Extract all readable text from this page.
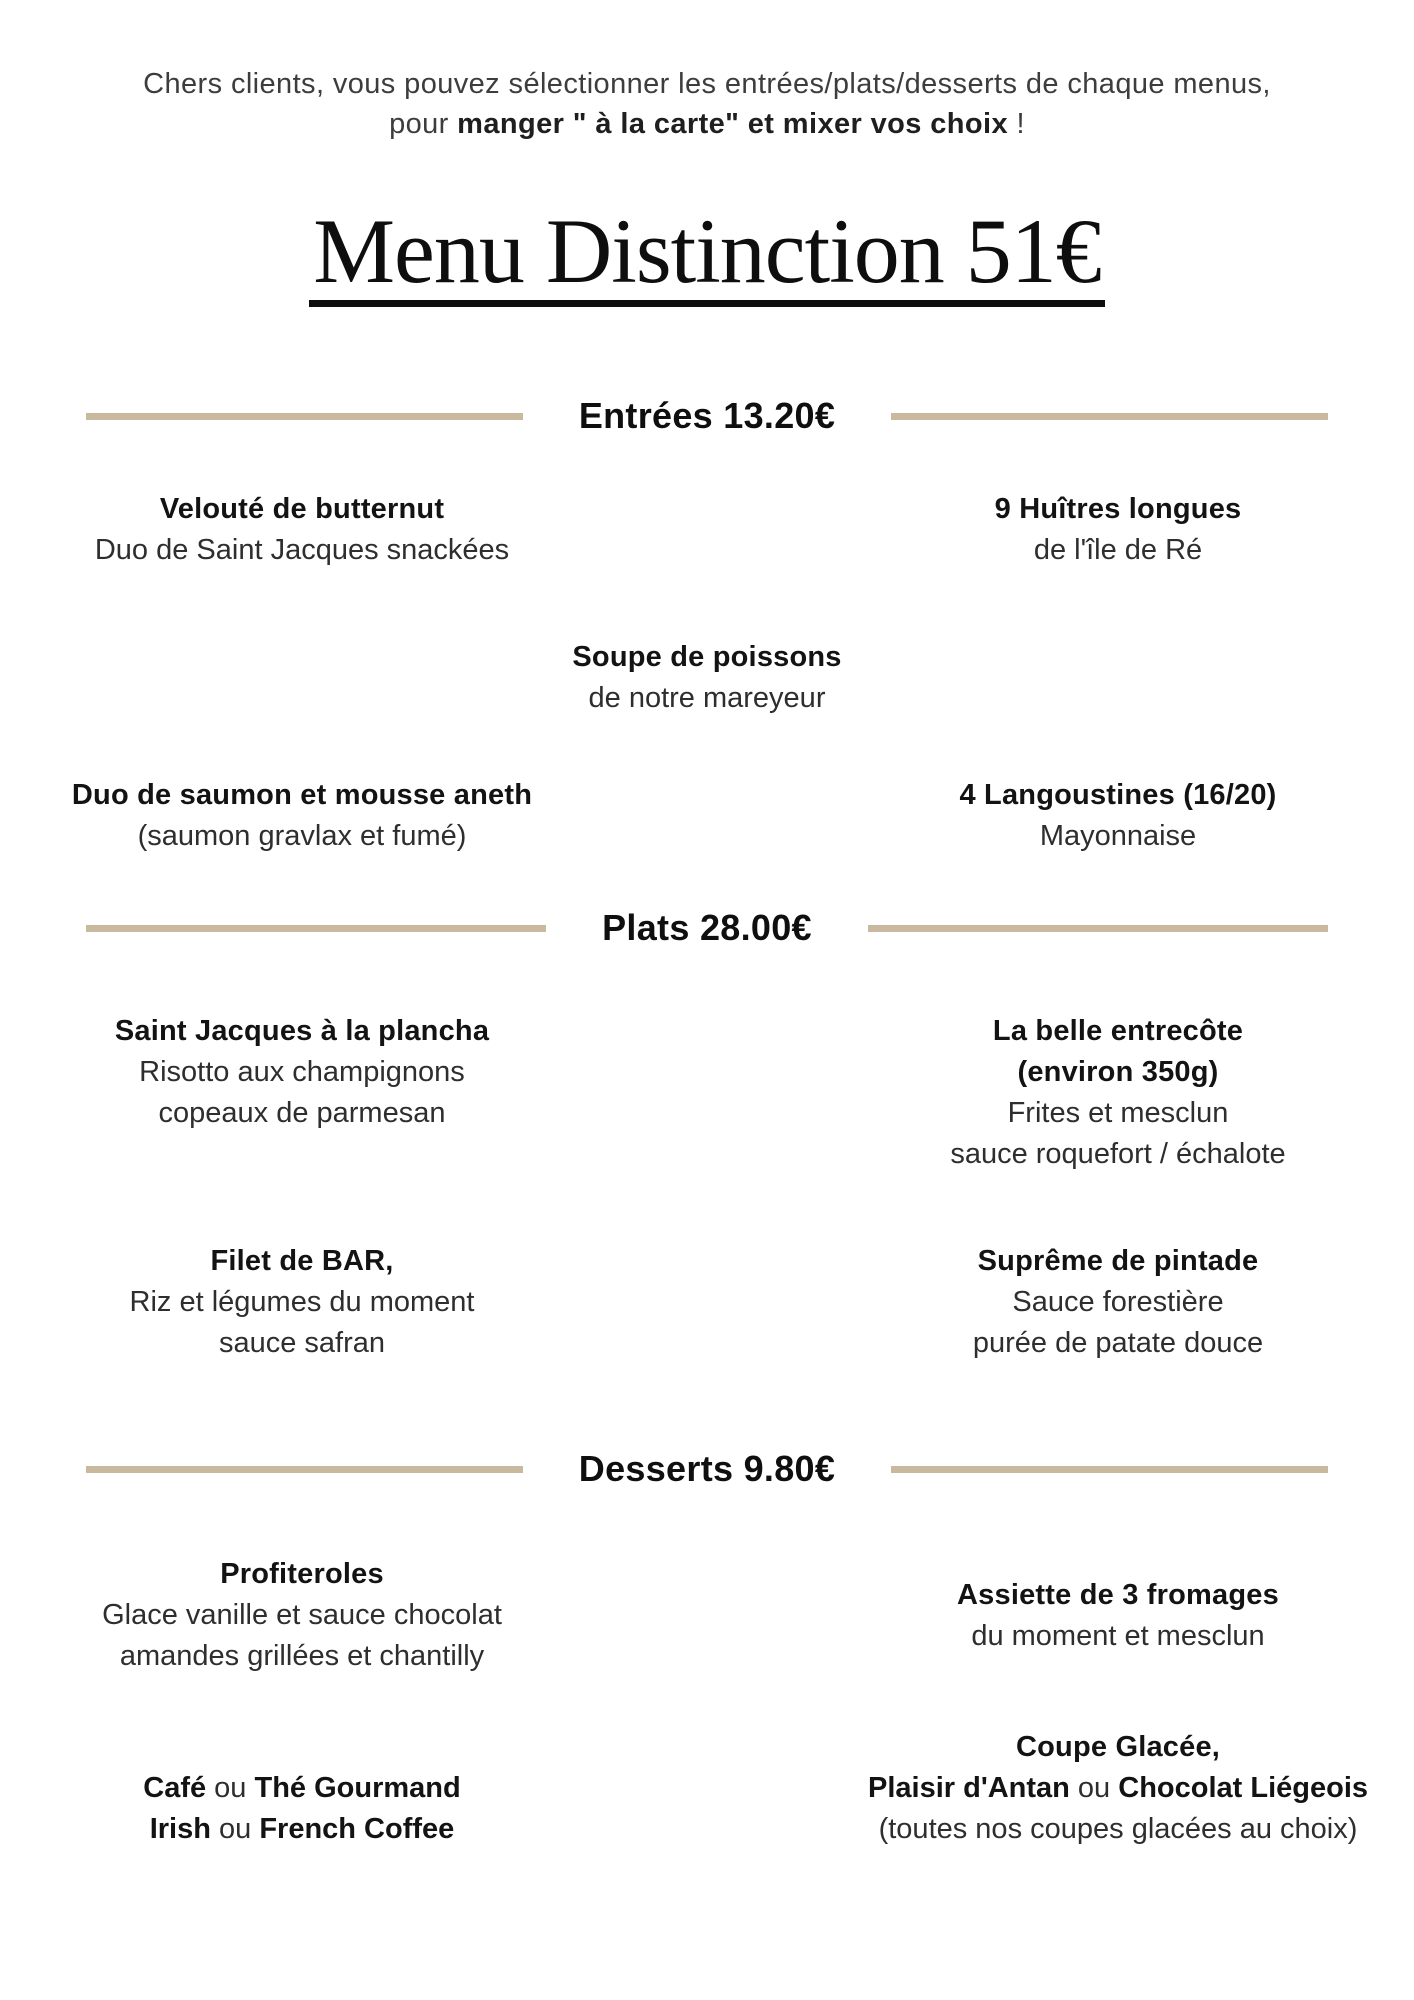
Chers clients, vous pouvez sélectionner les entrées/plats/desserts de chaque menus,
pour manger " à la carte" et mixer vos choix !
Menu Distinction 51€
Entrées 13.20€
Velouté de butternut
Duo de Saint Jacques snackées
9 Huîtres longues
de l'île de Ré
Soupe de poissons
de notre mareyeur
Duo de saumon et mousse aneth
(saumon gravlax et fumé)
4 Langoustines (16/20)
Mayonnaise
Plats 28.00€
Saint Jacques à la plancha
Risotto aux champignons
copeaux de parmesan
La belle entrecôte
(environ 350g)
Frites et mesclun
sauce roquefort / échalote
Filet de BAR,
Riz et légumes du moment
sauce safran
Suprême de pintade
Sauce forestière
purée de patate douce
Desserts 9.80€
Profiteroles
Glace vanille et sauce chocolat
amandes grillées et chantilly
Assiette de 3 fromages
du moment et mesclun
Café ou Thé Gourmand
Irish ou French Coffee
Coupe Glacée,
Plaisir d'Antan ou Chocolat Liégeois
(toutes nos coupes glacées au choix)
